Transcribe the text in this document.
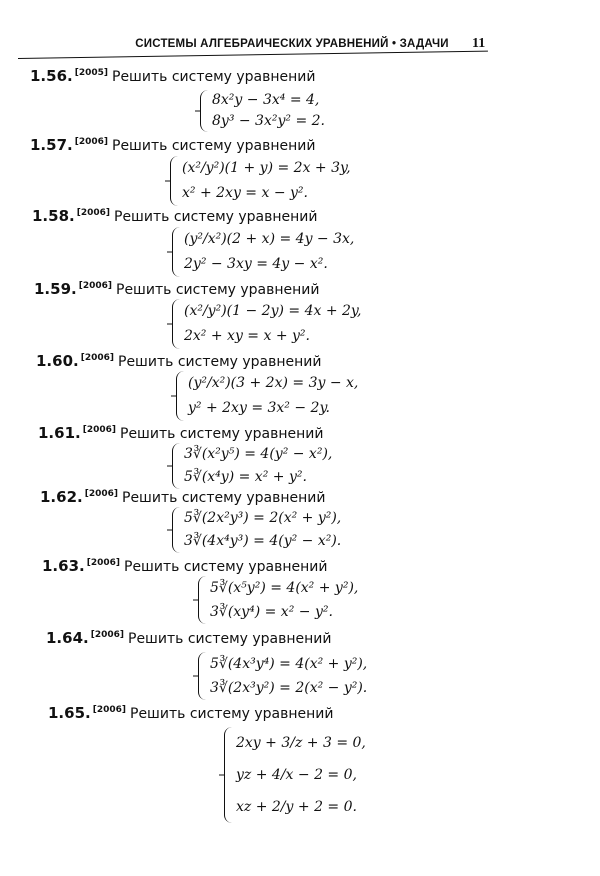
СИСТЕМЫ АЛГЕБРАИЧЕСКИХ УРАВНЕНИЙ • ЗАДАЧИ	11
1.56. [2005] Решить систему уравнений
8x²y − 3x⁴ = 4,
8y³ − 3x²y² = 2.
1.57. [2006] Решить систему уравнений
(x²/y²)(1 + y) = 2x + 3y,
x² + 2xy = x − y².
1.58. [2006] Решить систему уравнений
(y²/x²)(2 + x) = 4y − 3x,
2y² − 3xy = 4y − x².
1.59. [2006] Решить систему уравнений
(x²/y²)(1 − 2y) = 4x + 2y,
2x² + xy = x + y².
1.60. [2006] Решить систему уравнений
(y²/x²)(3 + 2x) = 3y − x,
y² + 2xy = 3x² − 2y.
1.61. [2006] Решить систему уравнений
3∛(x²y⁵) = 4(y² − x²),
5∛(x⁴y) = x² + y².
1.62. [2006] Решить систему уравнений
5∛(2x²y³) = 2(x² + y²),
3∛(4x⁴y³) = 4(y² − x²).
1.63. [2006] Решить систему уравнений
5∛(x⁵y²) = 4(x² + y²),
3∛(xy⁴) = x² − y².
1.64. [2006] Решить систему уравнений
5∛(4x³y⁴) = 4(x² + y²),
3∛(2x³y²) = 2(x² − y²).
1.65. [2006] Решить систему уравнений
2xy + 3/z + 3 = 0,
yz + 4/x − 2 = 0,
xz + 2/y + 2 = 0.
